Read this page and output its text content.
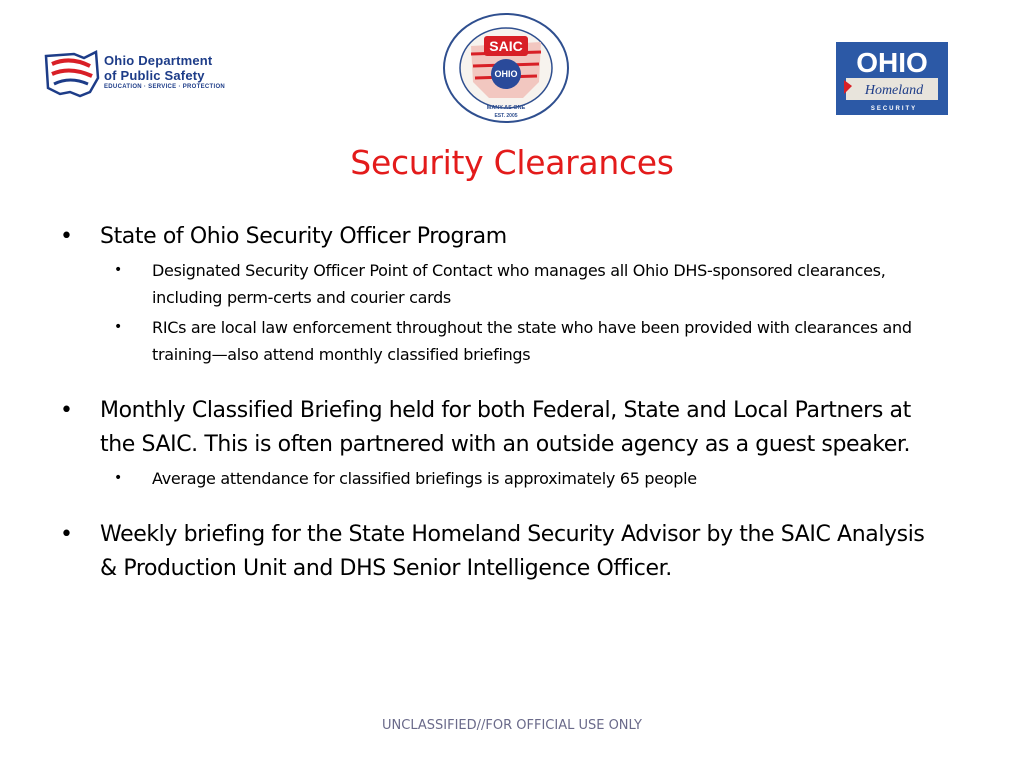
Ohio Department
of Public Safety
EDUCATION · SERVICE · PROTECTION
SAIC
OHIO
MANY AS ONE
EST. 2005
OHIO
Homeland
SECURITY
Security Clearances
• State of Ohio Security Officer Program
• Designated Security Officer Point of Contact who manages all Ohio DHS-sponsored clearances, including perm-certs and courier cards
• RICs are local law enforcement throughout the state who have been provided with clearances and training—also attend monthly classified briefings
• Monthly Classified Briefing held for both Federal, State and Local Partners at the SAIC. This is often partnered with an outside agency as a guest speaker.
• Average attendance for classified briefings is approximately 65 people
• Weekly briefing for the State Homeland Security Advisor by the SAIC Analysis & Production Unit and DHS Senior Intelligence Officer.
UNCLASSIFIED//FOR OFFICIAL USE ONLY
